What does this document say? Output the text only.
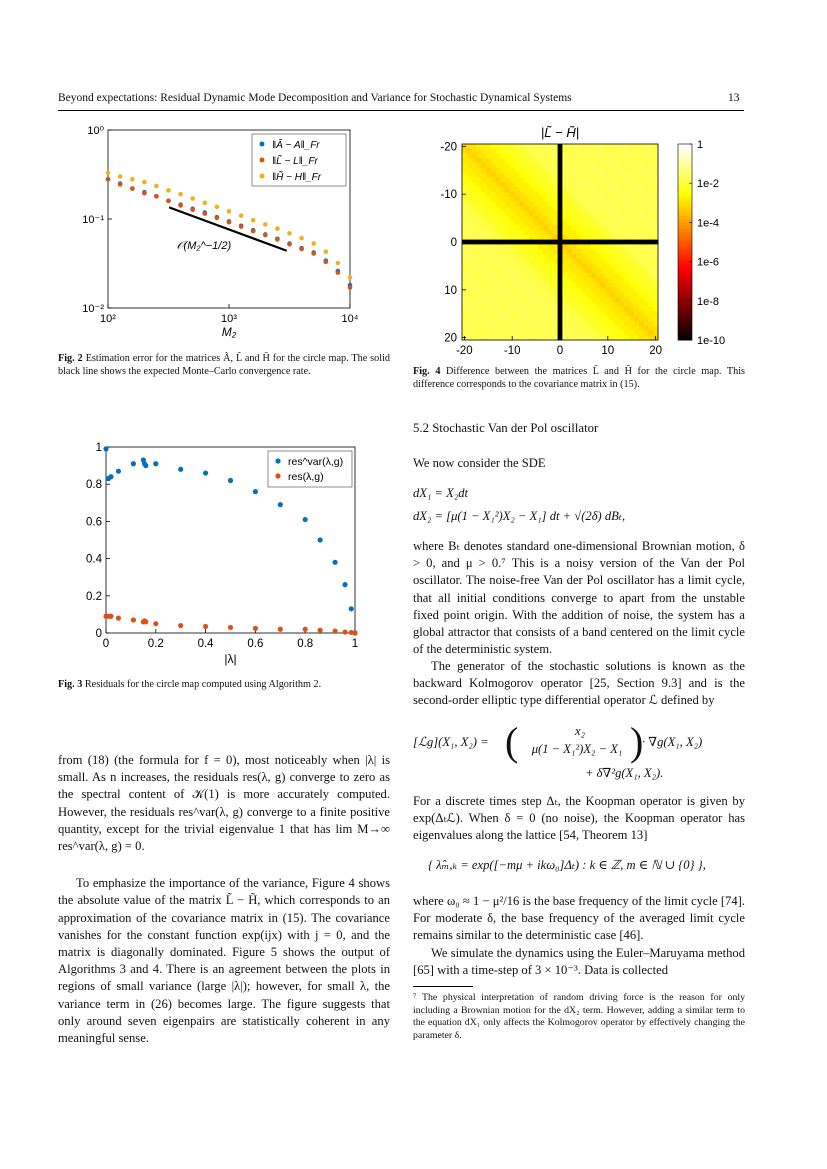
Beyond expectations: Residual Dynamic Mode Decomposition and Variance for Stochastic Dynamical Systems	13
10²	10³	10⁴
10⁰
10⁻¹
10⁻²
M₂
𝒪(M₂^−1/2)
‖Ã − A‖_Fr
‖L̃ − L‖_Fr
‖H̃ − H‖_Fr
Fig. 2 Estimation error for the matrices Ã, L̃ and H̃ for the circle map. The solid black line shows the expected Monte–Carlo convergence rate.
0	0.2	0.4	0.6	0.8	1
0
0.2
0.4
0.6
0.8
1
|λ|
res^var(λ,g)
res(λ,g)
Fig. 3 Residuals for the circle map computed using Algorithm 2.
|L̃ − H̃|
-20
-20
-10
-10
0
0
10
10
20
20
1
1e-2
1e-4
1e-6
1e-8
1e-10
Fig. 4 Difference between the matrices L̃ and H̃ for the circle map. This difference corresponds to the covariance matrix in (15).

from (18) (the formula for f = 0), most noticeably when |λ| is small. As n increases, the residuals res(λ, g) converge to zero as the spectral content of 𝒦(1) is more accurately computed. However, the residuals res^var(λ, g) converge to a finite positive quantity, except for the trivial eigenvalue 1 that has lim M→∞ res^var(λ, g) = 0.

To emphasize the importance of the variance, Figure 4 shows the absolute value of the matrix L̃ − H̃, which corresponds to an approximation of the covariance matrix in (15). The covariance vanishes for the constant function exp(ijx) with j = 0, and the matrix is diagonally dominated. Figure 5 shows the output of Algorithms 3 and 4. There is an agreement between the plots in regions of small variance (large |λ|); however, for small λ, the variance term in (26) becomes large. The figure suggests that only around seven eigenpairs are statistically coherent in any meaningful sense.

5.2 Stochastic Van der Pol oscillator
We now consider the SDE
dX₁ = X₂dt
dX₂ = [μ(1 − X₁²)X₂ − X₁] dt + √(2δ) dBₜ,
where Bₜ denotes standard one-dimensional Brownian motion, δ > 0, and μ > 0.⁷ This is a noisy version of the Van der Pol oscillator. The noise-free Van der Pol oscillator has a limit cycle, that all initial conditions converge to apart from the unstable fixed point origin. With the addition of noise, the system has a global attractor that consists of a band centered on the limit cycle of the deterministic system.
The generator of the stochastic solutions is known as the backward Kolmogorov operator [25, Section 9.3] and is the second-order elliptic type differential operator ℒ defined by
[ℒg](X₁, X₂) = (	x₂
μ(1 − X₁²)X₂ − X₁ )
· ∇g(X₁, X₂)
+ δ∇²g(X₁, X₂).
For a discrete times step Δₜ, the Koopman operator is given by exp(Δₜℒ). When δ = 0 (no noise), the Koopman operator has eigenvalues along the lattice [54, Theorem 13]
{ λ̂ₘ,ₖ = exp([−mμ + ikω₀]Δₜ) : k ∈ ℤ, m ∈ ℕ ∪ {0} },
where ω₀ ≈ 1 − μ²/16 is the base frequency of the limit cycle [74]. For moderate δ, the base frequency of the averaged limit cycle remains similar to the deterministic case [46].
We simulate the dynamics using the Euler–Maruyama method [65] with a time-step of 3 × 10⁻³. Data is collected
⁷ The physical interpretation of random driving force is the reason for only including a Brownian motion for the dX₂ term. However, adding a similar term to the equation dX₁ only affects the Kolmogorov operator by effectively changing the parameter δ.
